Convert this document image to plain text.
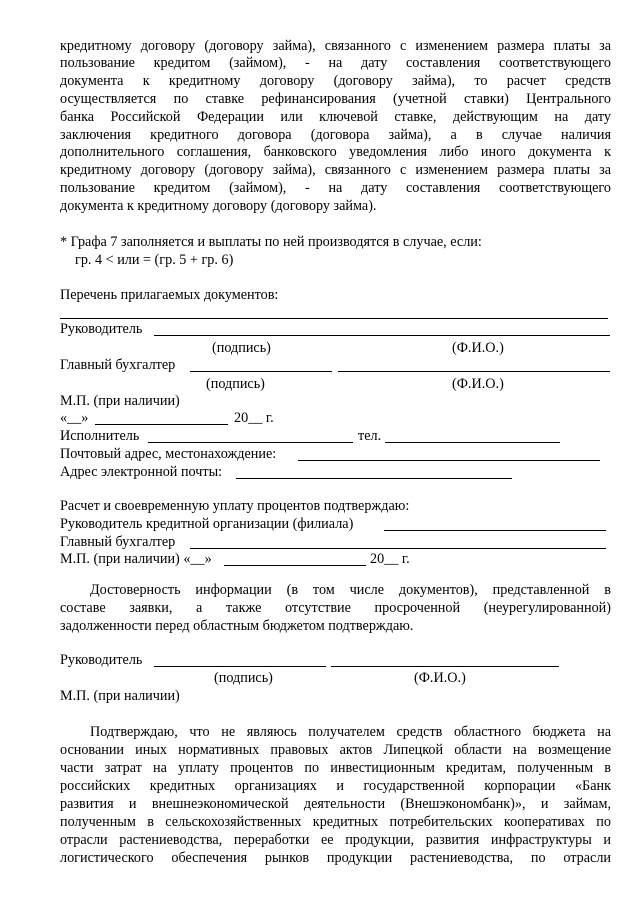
кредитному договору (договору займа), связанного с изменением размера платы за
пользование кредитом (займом), - на дату составления соответствующего
документа к кредитному договору (договору займа), то расчет средств
осуществляется по ставке рефинансирования (учетной ставки) Центрального
банка Российской Федерации или ключевой ставке, действующим на дату
заключения кредитного договора (договора займа), а в случае наличия
дополнительного соглашения, банковского уведомления либо иного документа к
кредитному договору (договору займа), связанного с изменением размера платы за
пользование кредитом (займом), - на дату составления соответствующего
документа к кредитному договору (договору займа).
* Графа 7 заполняется и выплаты по ней производятся в случае, если:
гр. 4 < или = (гр. 5 + гр. 6)
Перечень прилагаемых документов:
Руководитель
(подпись)	(Ф.И.О.)
Главный бухгалтер
(подпись)	(Ф.И.О.)
М.П. (при наличии)
«__»	20__ г.
Исполнитель	тел.
Почтовый адрес, местонахождение:
Адрес электронной почты:
Расчет и своевременную уплату процентов подтверждаю:
Руководитель кредитной организации (филиала)
Главный бухгалтер
М.П. (при наличии) «__»	20__ г.
Достоверность информации (в том числе документов), представленной в
составе заявки, а также отсутствие просроченной (неурегулированной)
задолженности перед областным бюджетом подтверждаю.
Руководитель
(подпись)	(Ф.И.О.)
М.П. (при наличии)
Подтверждаю, что не являюсь получателем средств областного бюджета на
основании иных нормативных правовых актов Липецкой области на возмещение
части затрат на уплату процентов по инвестиционным кредитам, полученным в
российских кредитных организациях и государственной корпорации «Банк
развития и внешнеэкономической деятельности (Внешэкономбанк)», и займам,
полученным в сельскохозяйственных кредитных потребительских кооперативах по
отрасли растениеводства, переработки ее продукции, развития инфраструктуры и
логистического обеспечения рынков продукции растениеводства, по отрасли
